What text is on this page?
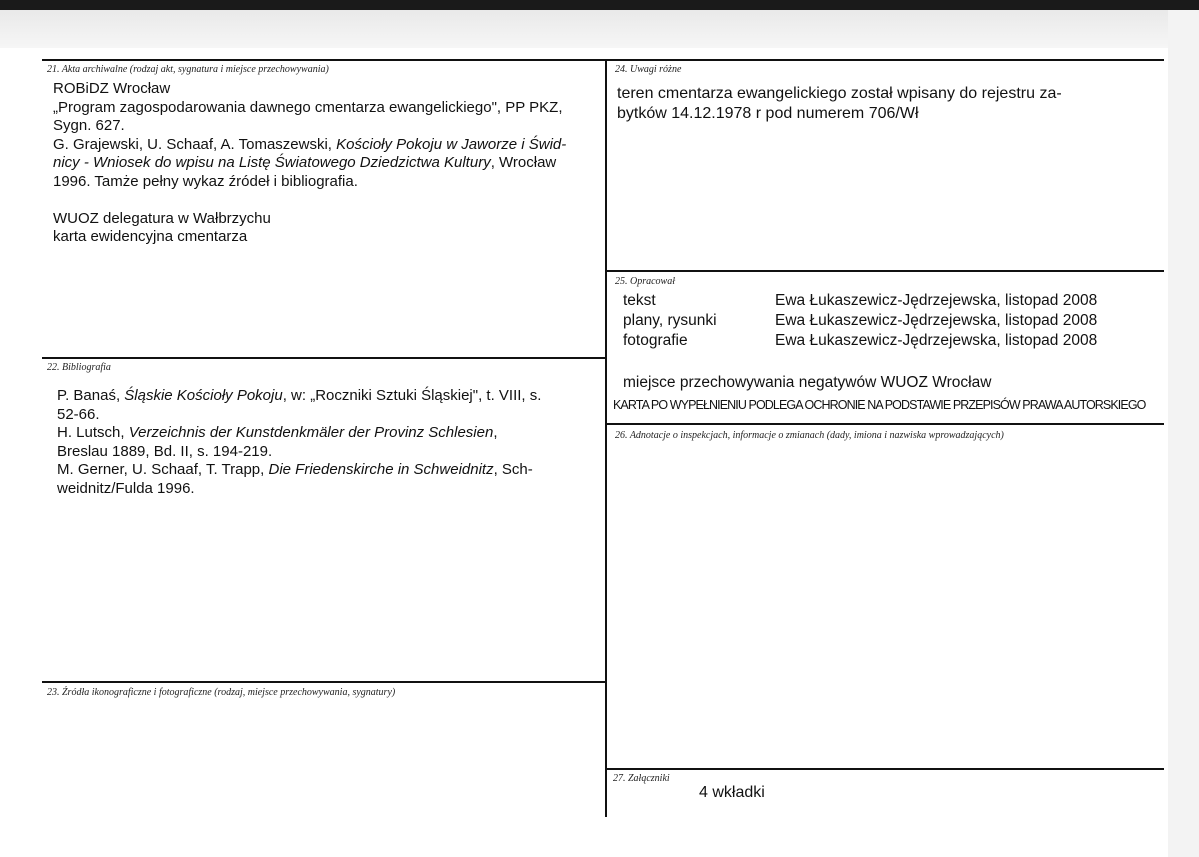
21. Akta archiwalne (rodzaj akt, sygnatura i miejsce przechowywania)
ROBiDZ Wrocław
„Program zagospodarowania dawnego cmentarza ewangelickiego", PP PKZ,
Sygn. 627.
G. Grajewski, U. Schaaf, A. Tomaszewski, Kościoły Pokoju w Jaworze i Świd-
nicy - Wniosek do wpisu na Listę Światowego Dziedzictwa Kultury, Wrocław
1996. Tamże pełny wykaz źródeł i bibliografia.

WUOZ delegatura w Wałbrzychu
karta ewidencyjna cmentarza
22. Bibliografia
P. Banaś, Śląskie Kościoły Pokoju, w: „Roczniki Sztuki Śląskiej", t. VIII, s.
52-66.
H. Lutsch, Verzeichnis der Kunstdenkmäler der Provinz Schlesien,
Breslau 1889, Bd. II, s. 194-219.
M. Gerner, U. Schaaf, T. Trapp, Die Friedenskirche in Schweidnitz, Sch-
weidnitz/Fulda 1996.
23. Źródła ikonograficzne i fotograficzne (rodzaj, miejsce przechowywania, sygnatury)
24. Uwagi różne
teren cmentarza ewangelickiego został wpisany do rejestru za-
bytków 14.12.1978 r pod numerem 706/Wł
25. Opracował
tekst	Ewa Łukaszewicz-Jędrzejewska, listopad 2008
plany, rysunki	Ewa Łukaszewicz-Jędrzejewska, listopad 2008
fotografie	Ewa Łukaszewicz-Jędrzejewska, listopad 2008
miejsce przechowywania negatywów WUOZ Wrocław
KARTA PO WYPEŁNIENIU PODLEGA OCHRONIE NA PODSTAWIE PRZEPISÓW PRAWA AUTORSKIEGO
26. Adnotacje o inspekcjach, informacje o zmianach (dady, imiona i nazwiska wprowadzających)
27. Załączniki
4 wkładki
